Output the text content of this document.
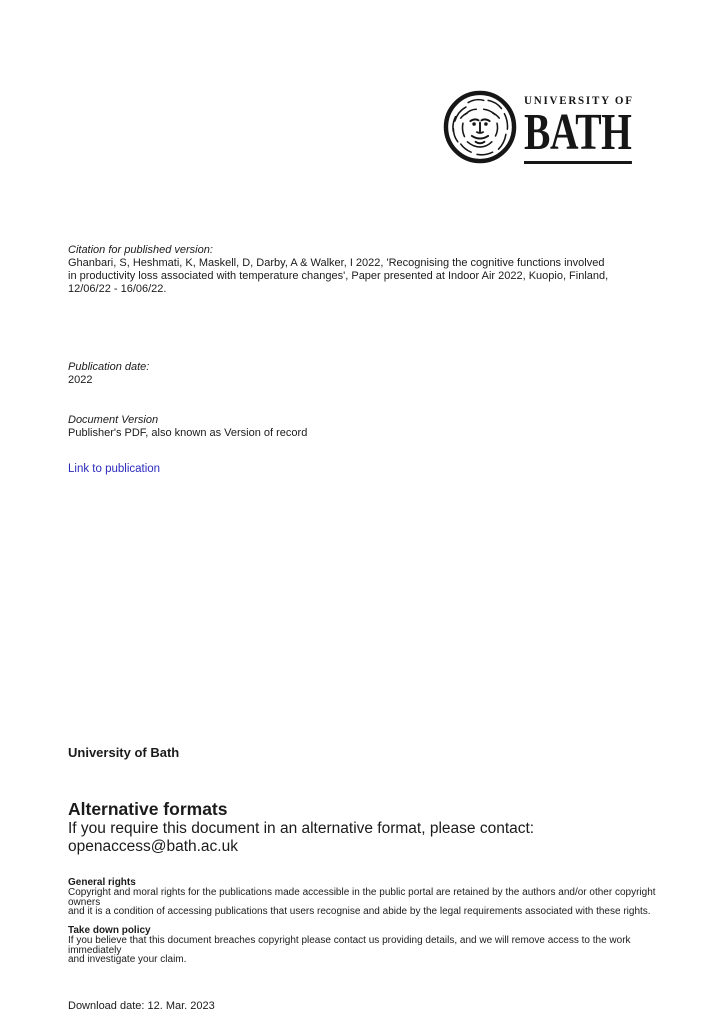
UNIVERSITY OF
BATH
Citation for published version:
Ghanbari, S, Heshmati, K, Maskell, D, Darby, A & Walker, I 2022, 'Recognising the cognitive functions involved
in productivity loss associated with temperature changes', Paper presented at Indoor Air 2022, Kuopio, Finland,
12/06/22 - 16/06/22.
Publication date:
2022
Document Version
Publisher's PDF, also known as Version of record
Link to publication
University of Bath
Alternative formats
If you require this document in an alternative format, please contact:
openaccess@bath.ac.uk
General rights
Copyright and moral rights for the publications made accessible in the public portal are retained by the authors and/or other copyright owners
and it is a condition of accessing publications that users recognise and abide by the legal requirements associated with these rights.
Take down policy
If you believe that this document breaches copyright please contact us providing details, and we will remove access to the work immediately
and investigate your claim.
Download date: 12. Mar. 2023
